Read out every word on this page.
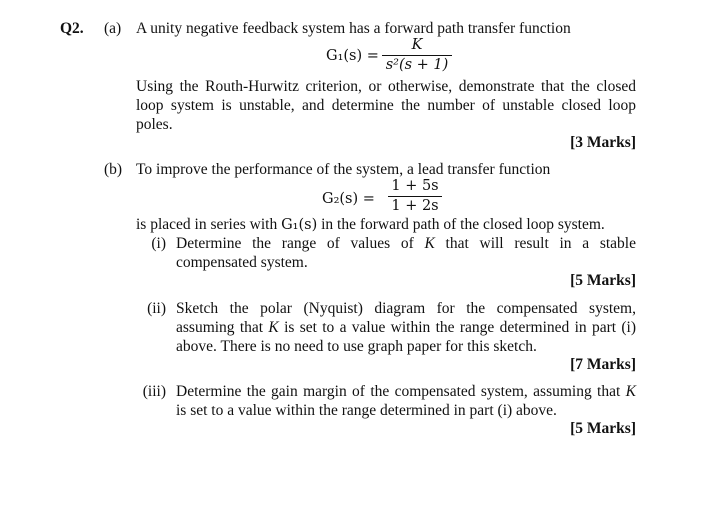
Q2. (a) A unity negative feedback system has a forward path transfer function
G₁(s) =
K
s²(s + 1)
Using the Routh-Hurwitz criterion, or otherwise, demonstrate that the closed
loop system is unstable, and determine the number of unstable closed loop
poles.
[3 Marks]
(b) To improve the performance of the system, a lead transfer function
G₂(s) =
1 + 5s
1 + 2s
is placed in series with G₁(s) in the forward path of the closed loop system.
(i) Determine the range of values of K that will result in a stable
compensated system.
[5 Marks]
(ii) Sketch the polar (Nyquist) diagram for the compensated system,
assuming that K is set to a value within the range determined in part (i)
above. There is no need to use graph paper for this sketch.
[7 Marks]
(iii) Determine the gain margin of the compensated system, assuming that K
is set to a value within the range determined in part (i) above.
[5 Marks]
